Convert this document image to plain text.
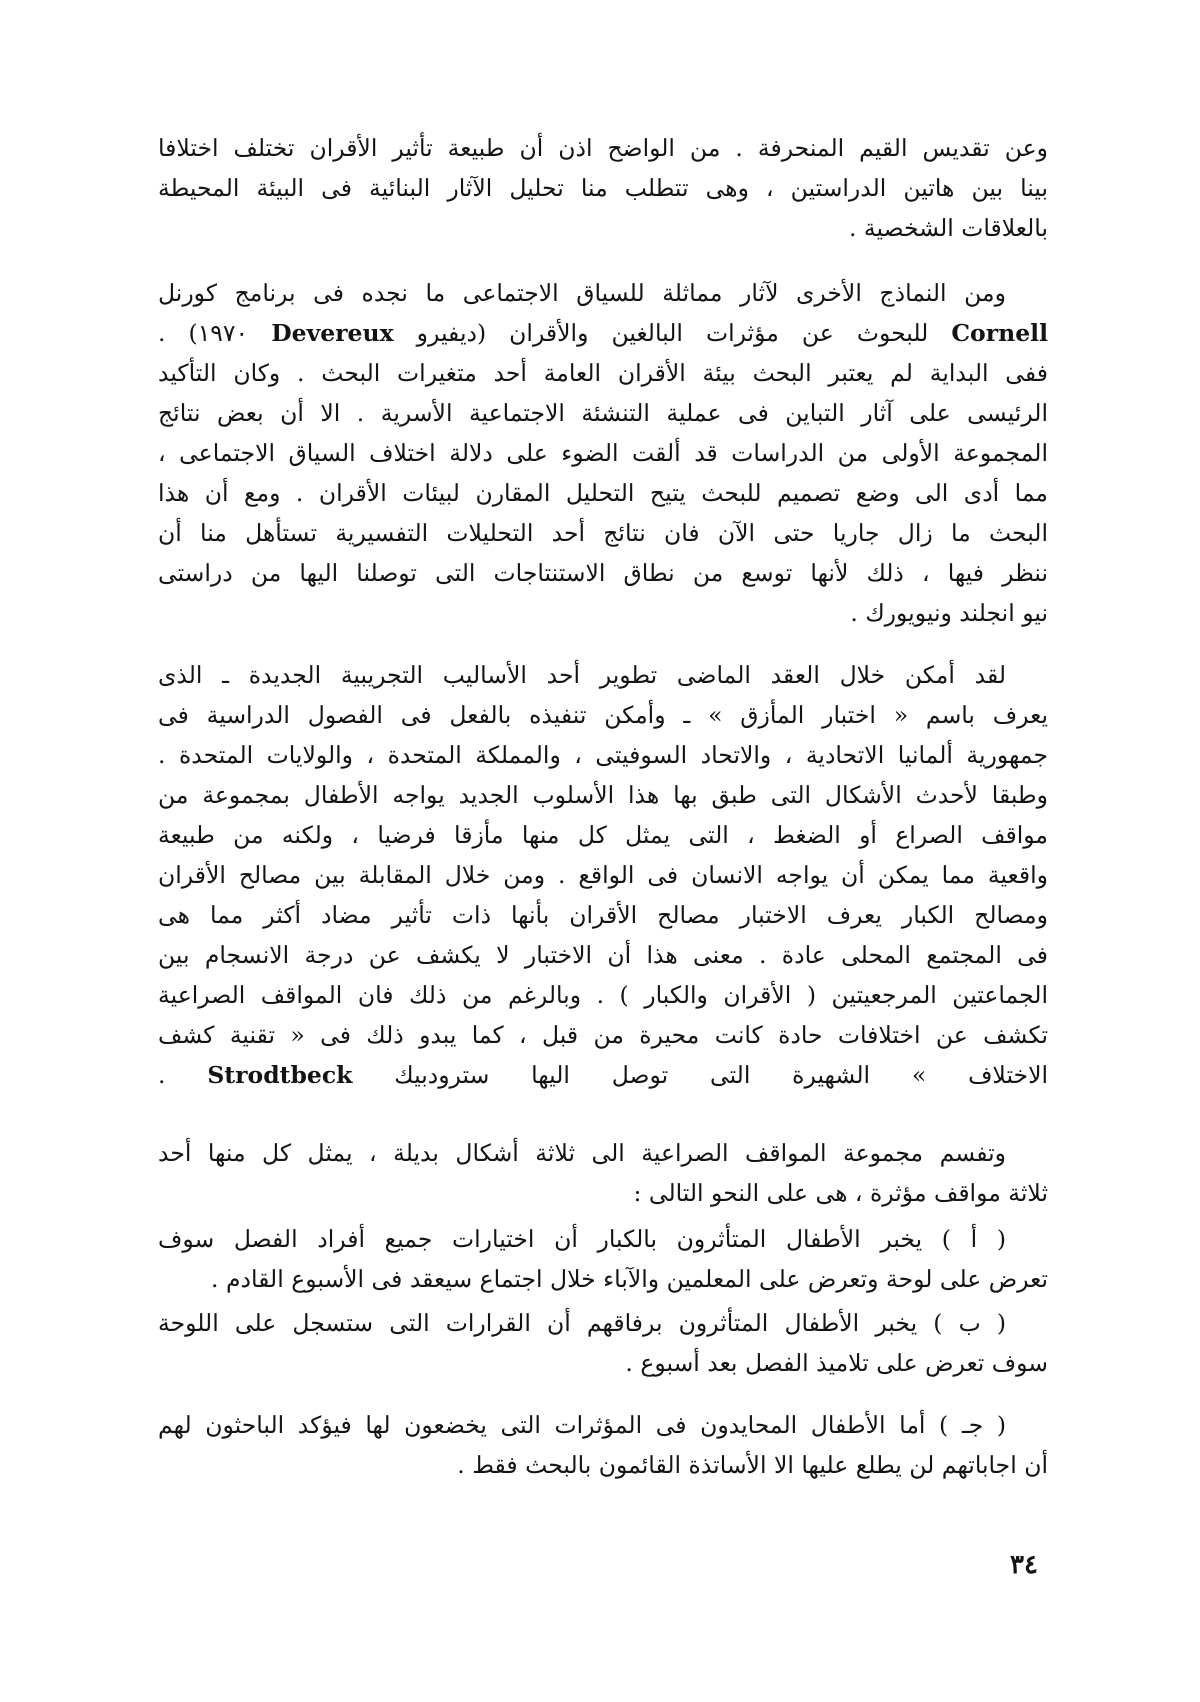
وعن تقديس القيم المنحرفة . من الواضح اذن أن طبيعة تأثير الأقران تختلف اختلافا
بينا بين هاتين الدراستين ، وهى تتطلب منا تحليل الآثار البنائية فى البيئة المحيطة
بالعلاقات الشخصية .

ومن النماذج الأخرى لآثار مماثلة للسياق الاجتماعى ما نجده فى برنامج كورنل
Cornell للبحوث عن مؤثرات البالغين والأقران (ديفيرو Devereux ١٩٧٠) .
ففى البداية لم يعتبر البحث بيئة الأقران العامة أحد متغيرات البحث . وكان التأكيد
الرئيسى على آثار التباين فى عملية التنشئة الاجتماعية الأسرية . الا أن بعض نتائج
المجموعة الأولى من الدراسات قد ألقت الضوء على دلالة اختلاف السياق الاجتماعى ،
مما أدى الى وضع تصميم للبحث يتيح التحليل المقارن لبيئات الأقران . ومع أن هذا
البحث ما زال جاريا حتى الآن فان نتائج أحد التحليلات التفسيرية تستأهل منا أن
ننظر فيها ، ذلك لأنها توسع من نطاق الاستنتاجات التى توصلنا اليها من دراستى
نيو انجلند ونيويورك .

لقد أمكن خلال العقد الماضى تطوير أحد الأساليب التجريبية الجديدة ـ الذى
يعرف باسم « اختبار المأزق » ـ وأمكن تنفيذه بالفعل فى الفصول الدراسية فى
جمهورية ألمانيا الاتحادية ، والاتحاد السوفيتى ، والمملكة المتحدة ، والولايات المتحدة .
وطبقا لأحدث الأشكال التى طبق بها هذا الأسلوب الجديد يواجه الأطفال بمجموعة من
مواقف الصراع أو الضغط ، التى يمثل كل منها مأزقا فرضيا ، ولكنه من طبيعة
واقعية مما يمكن أن يواجه الانسان فى الواقع . ومن خلال المقابلة بين مصالح الأقران
ومصالح الكبار يعرف الاختبار مصالح الأقران بأنها ذات تأثير مضاد أكثر مما هى
فى المجتمع المحلى عادة . معنى هذا أن الاختبار لا يكشف عن درجة الانسجام بين
الجماعتين المرجعيتين ( الأقران والكبار ) . وبالرغم من ذلك فان المواقف الصراعية
تكشف عن اختلافات حادة كانت محيرة من قبل ، كما يبدو ذلك فى « تقنية كشف
الاختلاف » الشهيرة التى توصل اليها سترودبيك Strodtbeck .

وتفسم مجموعة المواقف الصراعية الى ثلاثة أشكال بديلة ، يمثل كل منها أحد
ثلاثة مواقف مؤثرة ، هى على النحو التالى :

( أ ) يخبر الأطفال المتأثرون بالكبار أن اختيارات جميع أفراد الفصل سوف
تعرض على لوحة وتعرض على المعلمين والآباء خلال اجتماع سيعقد فى الأسبوع القادم .

( ب ) يخبر الأطفال المتأثرون برفاقهم أن القرارات التى ستسجل على اللوحة
سوف تعرض على تلاميذ الفصل بعد أسبوع .

( جـ ) أما الأطفال المحايدون فى المؤثرات التى يخضعون لها فيؤكد الباحثون لهم
أن اجاباتهم لن يطلع عليها الا الأساتذة القائمون بالبحث فقط .

٣٤
